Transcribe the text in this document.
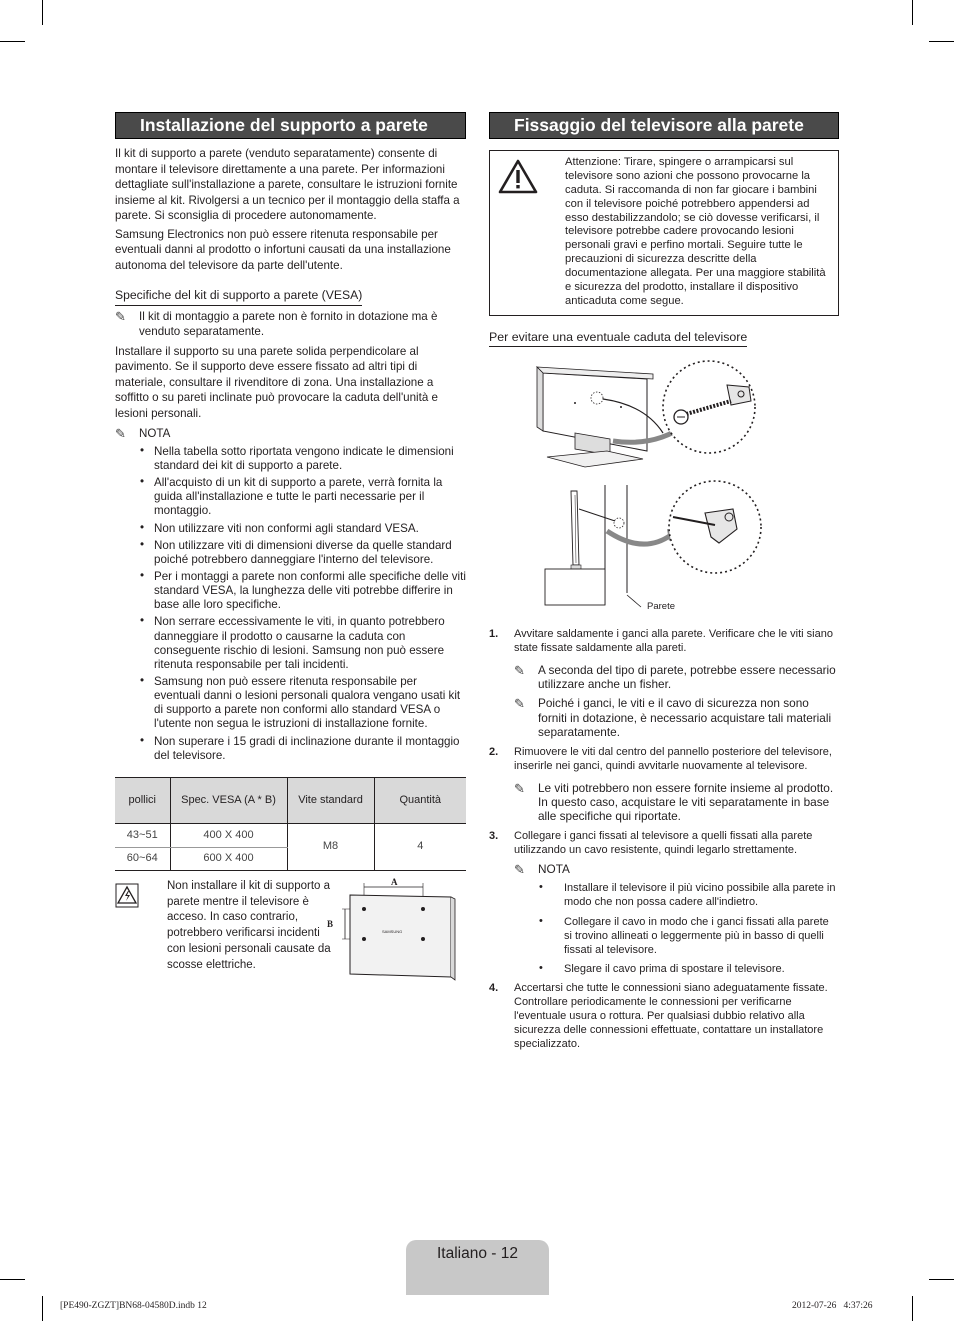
Installazione del supporto a parete

Il kit di supporto a parete (venduto separatamente) consente di montare il televisore direttamente a una parete. Per informazioni dettagliate sull'installazione a parete, consultare le istruzioni fornite insieme al kit. Rivolgersi a un tecnico per il montaggio della staffa a parete. Si sconsiglia di procedere autonomamente.

Samsung Electronics non può essere ritenuta responsabile per eventuali danni al prodotto o infortuni causati da una installazione autonoma del televisore da parte dell'utente.

Specifiche del kit di supporto a parete (VESA)
✎	Il kit di montaggio a parete non è fornito in dotazione ma è venduto separatamente.

Installare il supporto su una parete solida perpendicolare al pavimento. Se il supporto deve essere fissato ad altri tipi di materiale, consultare il rivenditore di zona. Una installazione a soffitto o su pareti inclinate può provocare la caduta dell'unità e lesioni personali.

✎	NOTA
• Nella tabella sotto riportata vengono indicate le dimensioni standard dei kit di supporto a parete.
• All'acquisto di un kit di supporto a parete, verrà fornita la guida all'installazione e tutte le parti necessarie per il montaggio.
• Non utilizzare viti non conformi agli standard VESA.
• Non utilizzare viti di dimensioni diverse da quelle standard poiché potrebbero danneggiare l'interno del televisore.
• Per i montaggi a parete non conformi alle specifiche delle viti standard VESA, la lunghezza delle viti potrebbe differire in base alle loro specifiche.
• Non serrare eccessivamente le viti, in quanto potrebbero danneggiare il prodotto o causarne la caduta con conseguente rischio di lesioni. Samsung non può essere ritenuta responsabile per tali incidenti.
• Samsung non può essere ritenuta responsabile per eventuali danni o lesioni personali qualora vengano usati kit di supporto a parete non conformi allo standard VESA o l'utente non segua le istruzioni di installazione fornite.
• Non superare i 15 gradi di inclinazione durante il montaggio del televisore.
pollici	Spec. VESA (A * B)	Vite standard	Quantità
43~51	400 X 400	M8	4
60~64	600 X 400		

Non installare il kit di supporto a parete mentre il televisore è acceso. In caso contrario, potrebbero verificarsi incidenti con lesioni personali causate da scosse elettriche.

A
B
SAMSUNG
Fissaggio del televisore alla parete
Attenzione: Tirare, spingere o arrampicarsi sul televisore sono azioni che possono provocarne la caduta. Si raccomanda di non far giocare i bambini con il televisore poiché potrebbero appendersi ad esso destabilizzandolo; se ciò dovesse verificarsi, il televisore potrebbe cadere provocando lesioni personali gravi e perfino mortali. Seguire tutte le precauzioni di sicurezza descritte della documentazione allegata. Per una maggiore stabilità e sicurezza del prodotto, installare il dispositivo anticaduta come segue.
Per evitare una eventuale caduta del televisore
Parete
1. Avvitare saldamente i ganci alla parete. Verificare che le viti siano state fissate saldamente alla pareti.
✎	A seconda del tipo di parete, potrebbe essere necessario utilizzare anche un fisher.
✎	Poiché i ganci, le viti e il cavo di sicurezza non sono forniti in dotazione, è necessario acquistare tali materiali separatamente.
2. Rimuovere le viti dal centro del pannello posteriore del televisore, inserirle nei ganci, quindi avvitarle nuovamente al televisore.
✎	Le viti potrebbero non essere fornite insieme al prodotto. In questo caso, acquistare le viti separatamente in base alle specifiche qui riportate.
3. Collegare i ganci fissati al televisore a quelli fissati alla parete utilizzando un cavo resistente, quindi legarlo strettamente.
✎	NOTA
• Installare il televisore il più vicino possibile alla parete in modo che non possa cadere all'indietro.
• Collegare il cavo in modo che i ganci fissati alla parete si trovino allineati o leggermente più in basso di quelli fissati al televisore.
• Slegare il cavo prima di spostare il televisore.
4. Accertarsi che tutte le connessioni siano adeguatamente fissate. Controllare periodicamente le connessioni per verificarne l'eventuale usura o rottura. Per qualsiasi dubbio relativo alla sicurezza delle connessioni effettuate, contattare un installatore specializzato.
Italiano - 12
[PE490-ZGZT]BN68-04580D.indb 12	2012-07-26   4:37:26
